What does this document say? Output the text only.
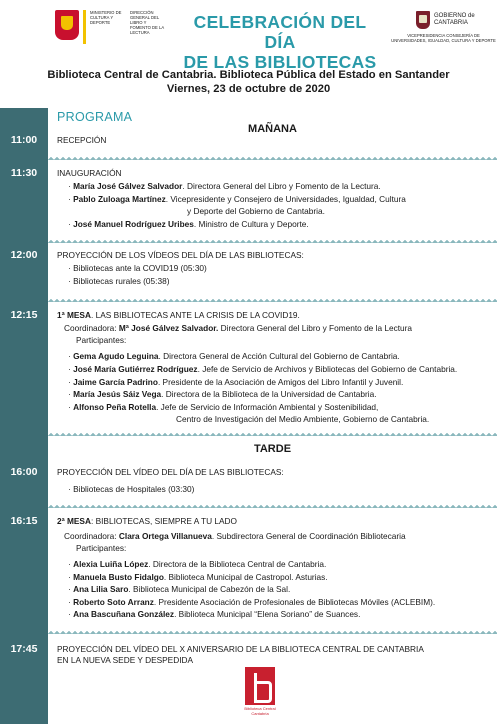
MINISTERIO DE CULTURA Y DEPORTE
DIRECCIÓN GENERAL DEL LIBRO Y FOMENTO DE LA LECTURA
CELEBRACIÓN DEL DÍA
DE LAS BIBLIOTECAS
GOBIERNO de CANTABRIA
VICEPRESIDENCIA CONSEJERÍA DE UNIVERSIDADES, IGUALDAD, CULTURA Y DEPORTE
Biblioteca Central de Cantabria. Biblioteca Pública del Estado en Santander
Viernes, 23 de octubre de 2020
11:00
11:30
12:00
12:15
16:00
16:15
17:45
PROGRAMA
MAÑANA
RECEPCIÓN
INAUGURACIÓN
· María José Gálvez Salvador. Directora General del Libro y Fomento de la Lectura.
· Pablo Zuloaga Martínez. Vicepresidente y Consejero de Universidades, Igualdad, Cultura
y Deporte del Gobierno de Cantabria.
· José Manuel Rodríguez Uribes. Ministro de Cultura y Deporte.
PROYECCIÓN DE LOS VÍDEOS DEL DÍA DE LAS BIBLIOTECAS:
· Bibliotecas ante la COVID19 (05:30)
· Bibliotecas rurales (05:38)
1ª MESA. LAS BIBLIOTECAS ANTE LA CRISIS DE LA COVID19.
Coordinadora: Mª José Gálvez Salvador. Directora General del Libro y Fomento de la Lectura
Participantes:
· Gema Agudo Leguina. Directora General de Acción Cultural del Gobierno de Cantabria.
· José María Gutiérrez Rodríguez. Jefe de Servicio de Archivos y Bibliotecas del Gobierno de Cantabria.
· Jaime García Padrino. Presidente de la Asociación de Amigos del Libro Infantil y Juvenil.
· María Jesús Sáiz Vega. Directora de la Biblioteca de la Universidad de Cantabria.
· Alfonso Peña Rotella. Jefe de Servicio de Información Ambiental y Sostenibilidad,
Centro de Investigación del Medio Ambiente, Gobierno de Cantabria.
TARDE
PROYECCIÓN DEL VÍDEO DEL DÍA DE LAS BIBLIOTECAS:
· Bibliotecas de Hospitales (03:30)
2ª MESA: BIBLIOTECAS, SIEMPRE A TU LADO
Coordinadora: Clara Ortega Villanueva. Subdirectora General de Coordinación Bibliotecaria
Participantes:
· Alexia Luiña López. Directora de la Biblioteca Central de Cantabria.
· Manuela Busto Fidalgo. Biblioteca Municipal de Castropol. Asturias.
· Ana Lilia Saro. Biblioteca Municipal de Cabezón de la Sal.
· Roberto Soto Arranz. Presidente Asociación de Profesionales de Bibliotecas Móviles (ACLEBIM).
· Ana Bascuñana González. Biblioteca Municipal “Elena Soriano” de Suances.
PROYECCIÓN DEL VÍDEO DEL X ANIVERSARIO DE LA BIBLIOTECA CENTRAL DE CANTABRIA
EN LA NUEVA SEDE Y DESPEDIDA
Biblioteca Central Cantabria
